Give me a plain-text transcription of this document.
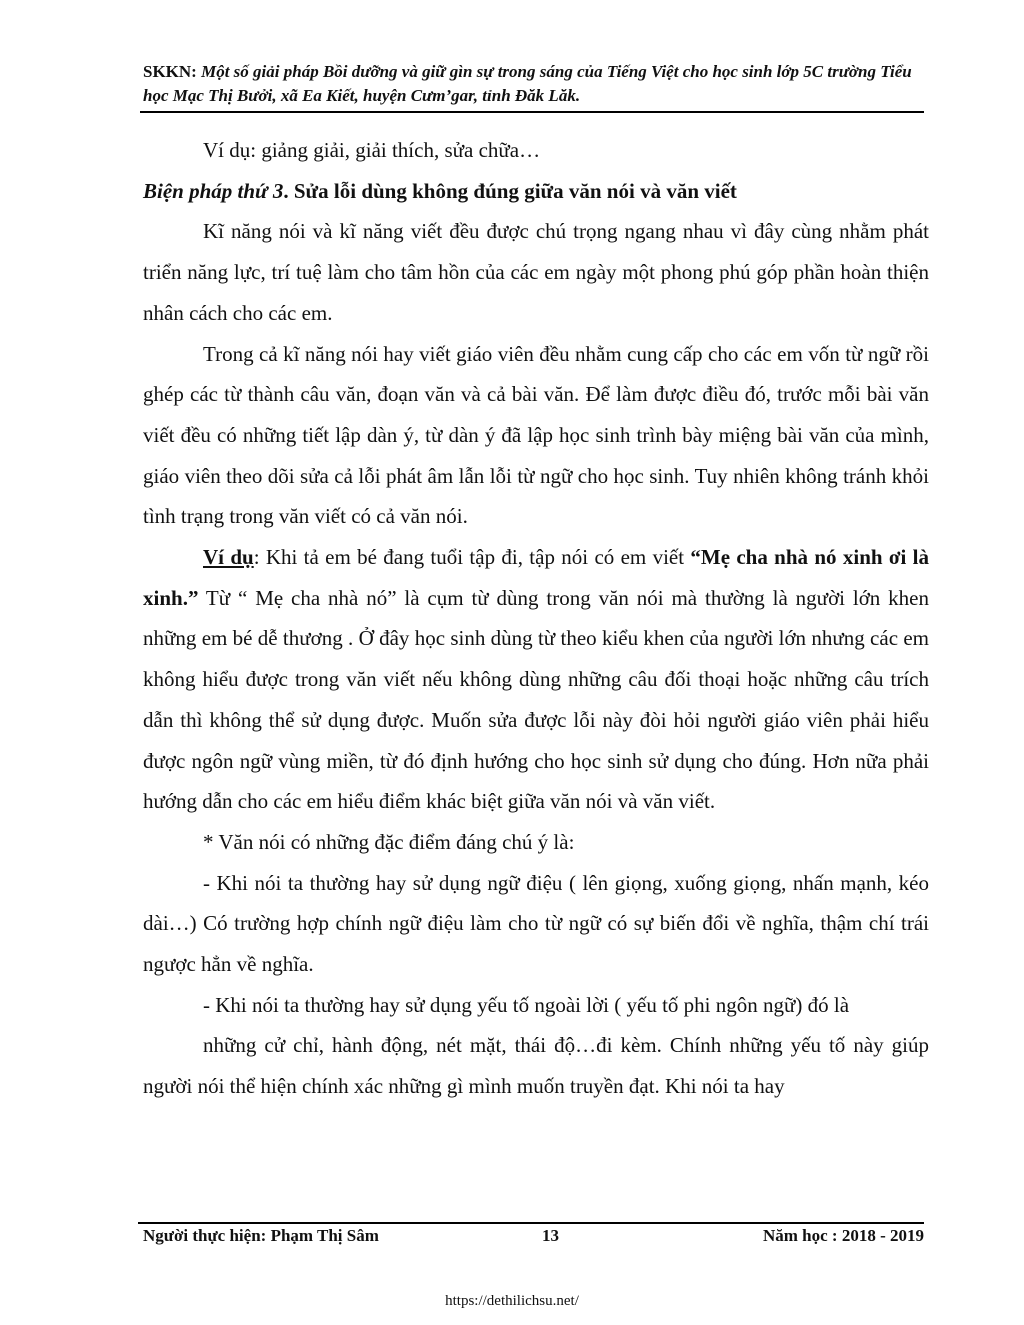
SKKN: Một số giải pháp Bồi dưỡng và giữ gìn sự trong sáng của Tiếng Việt cho học sinh lớp 5C trường Tiểu học Mạc Thị Bưởi, xã Ea Kiết, huyện Cưm’gar, tỉnh Đăk Lăk.

Ví dụ: giảng giải, giải thích, sửa chữa…

Biện pháp thứ 3. Sửa lỗi dùng không đúng giữa văn nói và văn viết

Kĩ năng nói và kĩ năng viết đều được chú trọng ngang nhau vì đây cùng nhằm phát triển năng lực, trí tuệ làm cho tâm hồn của các em ngày một phong phú góp phần hoàn thiện nhân cách cho các em.

Trong cả kĩ năng nói hay viết giáo viên đều nhằm cung cấp cho các em vốn từ ngữ rồi ghép các từ thành câu văn, đoạn văn và cả bài văn. Để làm được điều đó, trước mỗi bài văn viết đều có những tiết lập dàn ý, từ dàn ý đã lập học sinh trình bày miệng bài văn của mình, giáo viên theo dõi sửa cả lỗi phát âm lẫn lỗi từ ngữ cho học sinh. Tuy nhiên không tránh khỏi tình trạng trong văn viết có cả văn nói.

Ví dụ: Khi tả em bé đang tuổi tập đi, tập nói có em viết “Mẹ cha nhà nó xinh ơi là xinh.” Từ “ Mẹ cha nhà nó” là cụm từ dùng trong văn nói mà thường là người lớn khen những em bé dễ thương . Ở đây học sinh dùng từ theo kiểu khen của người lớn nhưng các em không hiểu được trong văn viết nếu không dùng những câu đối thoại hoặc những câu trích dẫn thì không thể sử dụng được. Muốn sửa được lỗi này đòi hỏi người giáo viên phải hiểu được ngôn ngữ vùng miền, từ đó định hướng cho học sinh sử dụng cho đúng. Hơn nữa phải hướng dẫn cho các em hiểu điểm khác biệt giữa văn nói và văn viết.

* Văn nói có những đặc điểm đáng chú ý là:

- Khi nói ta thường hay sử dụng ngữ điệu ( lên giọng, xuống giọng, nhấn mạnh, kéo dài…) Có trường hợp chính ngữ điệu làm cho từ ngữ có sự biến đổi về nghĩa, thậm chí trái ngược hẳn về nghĩa.

- Khi nói ta thường hay sử dụng yếu tố ngoài lời ( yếu tố phi ngôn ngữ) đó là

những cử chỉ, hành động, nét mặt, thái độ…đi kèm. Chính những yếu tố này giúp người nói thể hiện chính xác những gì mình muốn truyền đạt. Khi nói ta hay

Người thực hiện: Phạm Thị Sâm	13	Năm học : 2018 - 2019
https://dethilichsu.net/
